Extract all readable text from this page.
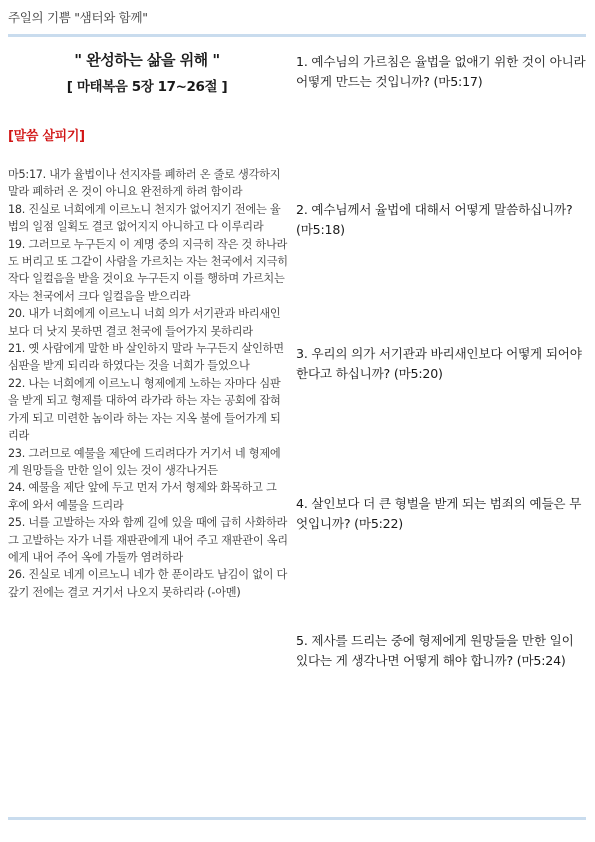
주일의 기쁨 "샘터와 함께"
" 완성하는 삶을 위해 "
[ 마태복음 5장 17~26절 ]
[말씀 살피기]
마5:17. 내가 율법이나 선지자를 폐하러 온 줄로 생각하지 말라 폐하러 온 것이 아니요 완전하게 하려 함이라
18. 진실로 너희에게 이르노니 천지가 없어지기 전에는 율법의 일점 일획도 결코 없어지지 아니하고 다 이루리라
19. 그러므로 누구든지 이 계명 중의 지극히 작은 것 하나라도 버리고 또 그같이 사람을 가르치는 자는 천국에서 지극히 작다 일컬음을 받을 것이요 누구든지 이를 행하며 가르치는 자는 천국에서 크다 일컬음을 받으리라
20. 내가 너희에게 이르노니 너희 의가 서기관과 바리새인보다 더 낫지 못하면 결코 천국에 들어가지 못하리라
21. 옛 사람에게 말한 바 살인하지 말라 누구든지 살인하면 심판을 받게 되리라 하였다는 것을 너희가 들었으나
22. 나는 너희에게 이르노니 형제에게 노하는 자마다 심판을 받게 되고 형제를 대하여 라가라 하는 자는 공회에 잡혀가게 되고 미련한 놈이라 하는 자는 지옥 불에 들어가게 되리라
23. 그러므로 예물을 제단에 드리려다가 거기서 네 형제에게 원망들을 만한 일이 있는 것이 생각나거든
24. 예물을 제단 앞에 두고 먼저 가서 형제와 화목하고 그 후에 와서 예물을 드리라
25. 너를 고발하는 자와 함께 길에 있을 때에 급히 사화하라 그 고발하는 자가 너를 재판관에게 내어 주고 재판관이 옥리에게 내어 주어 옥에 가둘까 염려하라
26. 진실로 네게 이르노니 네가 한 푼이라도 남김이 없이 다 갚기 전에는 결코 거기서 나오지 못하리라 (-아멘)
1. 예수님의 가르침은 율법을 없애기 위한 것이 아니라 어떻게 만드는 것입니까? (마5:17)
2. 예수님께서 율법에 대해서 어떻게 말씀하십니까? (마5:18)
3. 우리의 의가 서기관과 바리새인보다 어떻게 되어야 한다고 하십니까? (마5:20)
4. 살인보다 더 큰 형벌을 받게 되는 범죄의 예들은 무엇입니까? (마5:22)
5. 제사를 드리는 중에 형제에게 원망들을 만한 일이 있다는 게 생각나면 어떻게 해야 합니까? (마5:24)
